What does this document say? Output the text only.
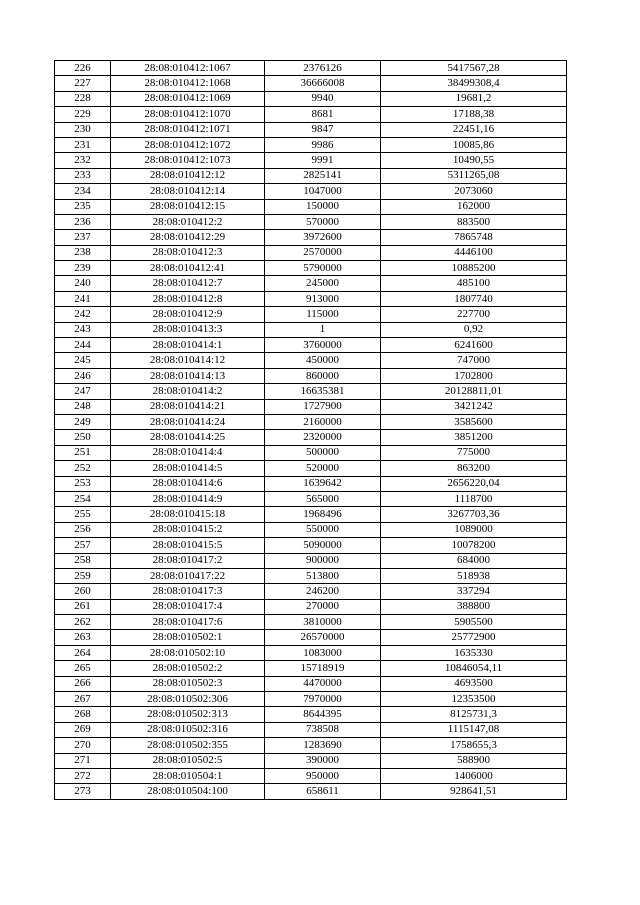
226	28:08:010412:1067	2376126	5417567,28
227	28:08:010412:1068	36666008	38499308,4
228	28:08:010412:1069	9940	19681,2
229	28:08:010412:1070	8681	17188,38
230	28:08:010412:1071	9847	22451,16
231	28:08:010412:1072	9986	10085,86
232	28:08:010412:1073	9991	10490,55
233	28:08:010412:12	2825141	5311265,08
234	28:08:010412:14	1047000	2073060
235	28:08:010412:15	150000	162000
236	28:08:010412:2	570000	883500
237	28:08:010412:29	3972600	7865748
238	28:08:010412:3	2570000	4446100
239	28:08:010412:41	5790000	10885200
240	28:08:010412:7	245000	485100
241	28:08:010412:8	913000	1807740
242	28:08:010412:9	115000	227700
243	28:08:010413:3	1	0,92
244	28:08:010414:1	3760000	6241600
245	28:08:010414:12	450000	747000
246	28:08:010414:13	860000	1702800
247	28:08:010414:2	16635381	20128811,01
248	28:08:010414:21	1727900	3421242
249	28:08:010414:24	2160000	3585600
250	28:08:010414:25	2320000	3851200
251	28:08:010414:4	500000	775000
252	28:08:010414:5	520000	863200
253	28:08:010414:6	1639642	2656220,04
254	28:08:010414:9	565000	1118700
255	28:08:010415:18	1968496	3267703,36
256	28:08:010415:2	550000	1089000
257	28:08:010415:5	5090000	10078200
258	28:08:010417:2	900000	684000
259	28:08:010417:22	513800	518938
260	28:08:010417:3	246200	337294
261	28:08:010417:4	270000	388800
262	28:08:010417:6	3810000	5905500
263	28:08:010502:1	26570000	25772900
264	28:08:010502:10	1083000	1635330
265	28:08:010502:2	15718919	10846054,11
266	28:08:010502:3	4470000	4693500
267	28:08:010502:306	7970000	12353500
268	28:08:010502:313	8644395	8125731,3
269	28:08:010502:316	738508	1115147,08
270	28:08:010502:355	1283690	1758655,3
271	28:08:010502:5	390000	588900
272	28:08:010504:1	950000	1406000
273	28:08:010504:100	658611	928641,51
